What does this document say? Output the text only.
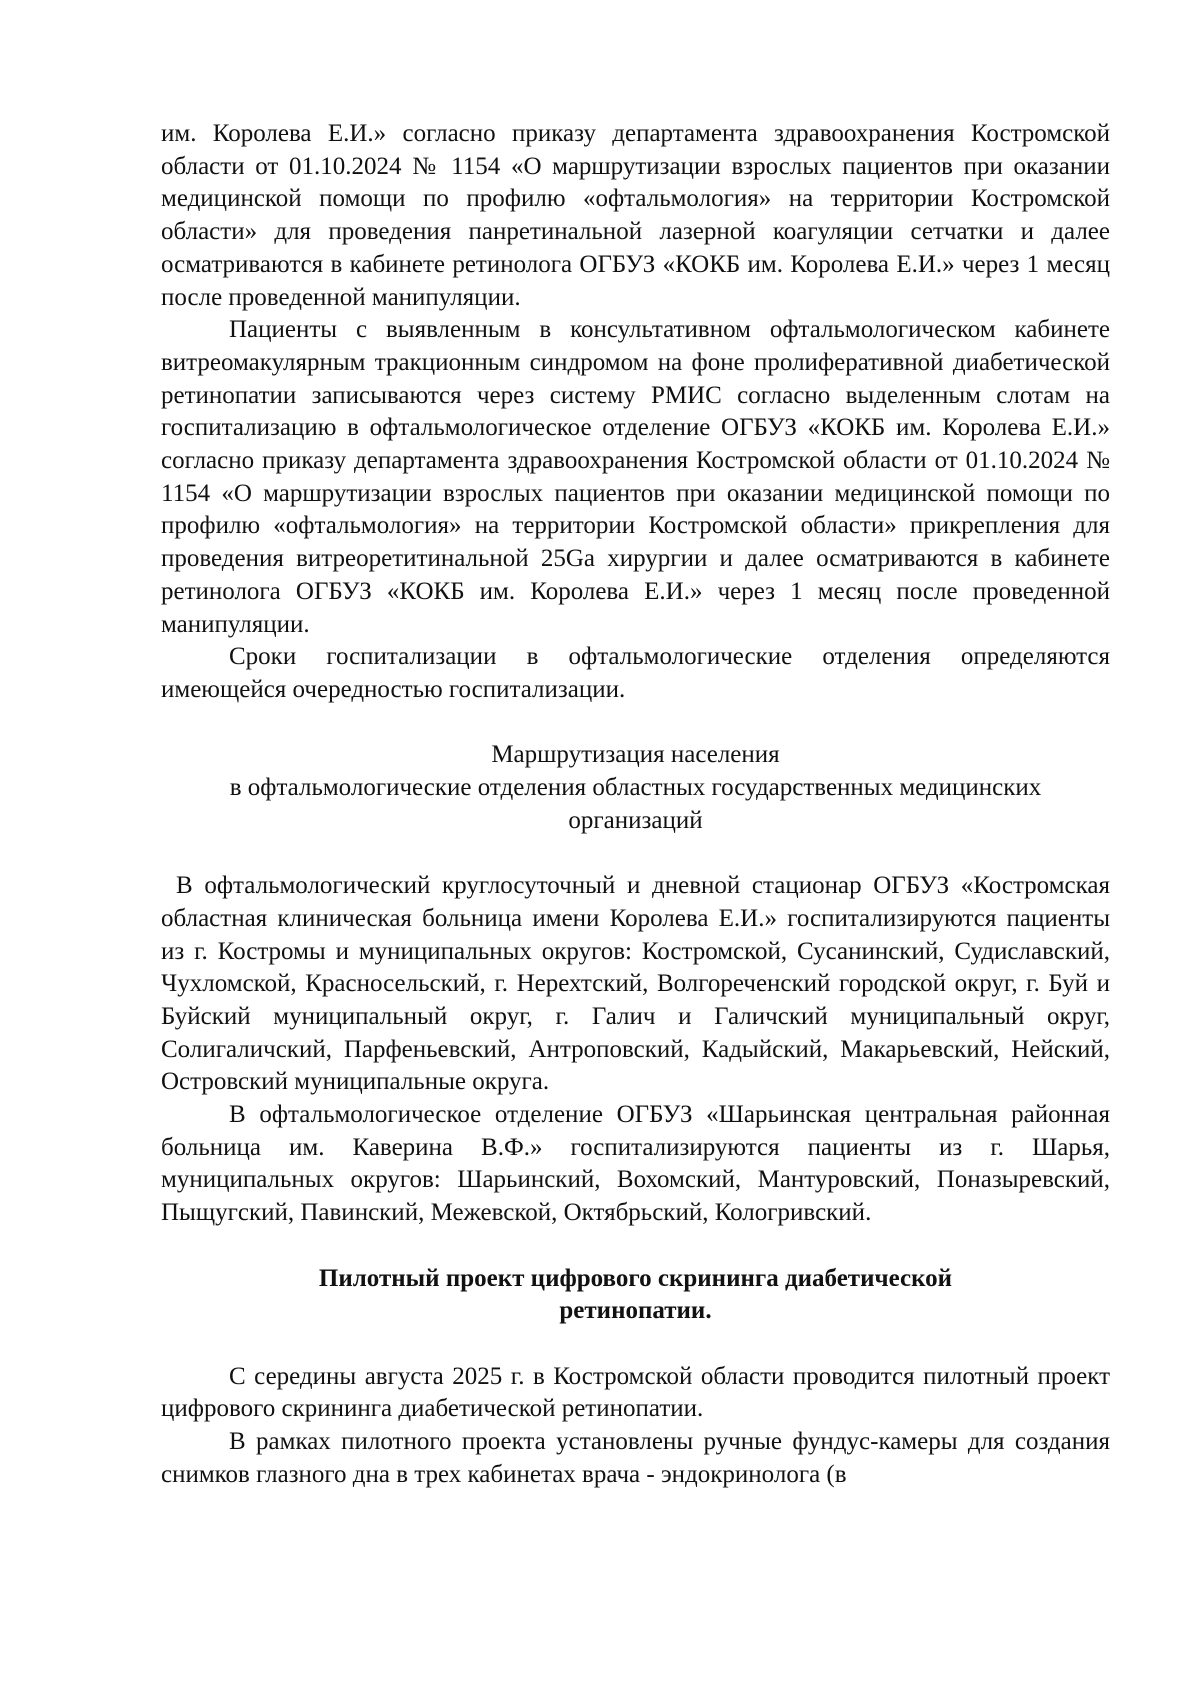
им. Королева Е.И.» согласно приказу департамента здравоохранения Костромской области от 01.10.2024 № 1154 «О маршрутизации взрослых пациентов при оказании медицинской помощи по профилю «офтальмология» на территории Костромской области» для проведения панретинальной лазерной коагуляции сетчатки и далее осматриваются в кабинете ретинолога ОГБУЗ «КОКБ им. Королева Е.И.» через 1 месяц после проведенной манипуляции.

Пациенты с выявленным в консультативном офтальмологическом кабинете витреомакулярным тракционным синдромом на фоне пролиферативной диабетической ретинопатии записываются через систему РМИС согласно выделенным слотам на госпитализацию в офтальмологическое отделение ОГБУЗ «КОКБ им. Королева Е.И.» согласно приказу департамента здравоохранения Костромской области от 01.10.2024 № 1154 «О маршрутизации взрослых пациентов при оказании медицинской помощи по профилю «офтальмология» на территории Костромской области» прикрепления для проведения витреоретитинальной 25Ga хирургии и далее осматриваются в кабинете ретинолога ОГБУЗ «КОКБ им. Королева Е.И.» через 1 месяц после проведенной манипуляции.

Сроки госпитализации в офтальмологические отделения определяются имеющейся очередностью госпитализации.

Маршрутизация населения
в офтальмологические отделения областных государственных медицинских
организаций

В офтальмологический круглосуточный и дневной стационар ОГБУЗ «Костромская областная клиническая больница имени Королева Е.И.» госпитализируются пациенты из г. Костромы и муниципальных округов: Костромской, Сусанинский, Судиславский, Чухломской, Красносельский, г. Нерехтский, Волгореченский городской округ, г. Буй и Буйский муниципальный округ, г. Галич и Галичский муниципальный округ, Солигаличский, Парфеньевский, Антроповский, Кадыйский, Макарьевский, Нейский, Островский муниципальные округа.

В офтальмологическое отделение ОГБУЗ «Шарьинская центральная районная больница им. Каверина В.Ф.» госпитализируются пациенты из г. Шарья, муниципальных округов: Шарьинский, Вохомский, Мантуровский, Поназыревский, Пыщугский, Павинский, Межевской, Октябрьский, Кологривский.

Пилотный проект цифрового скрининга диабетической
ретинопатии.

С середины августа 2025 г. в Костромской области проводится пилотный проект цифрового скрининга диабетической ретинопатии.

В рамках пилотного проекта установлены ручные фундус-камеры для создания снимков глазного дна в трех кабинетах врача - эндокринолога (в
